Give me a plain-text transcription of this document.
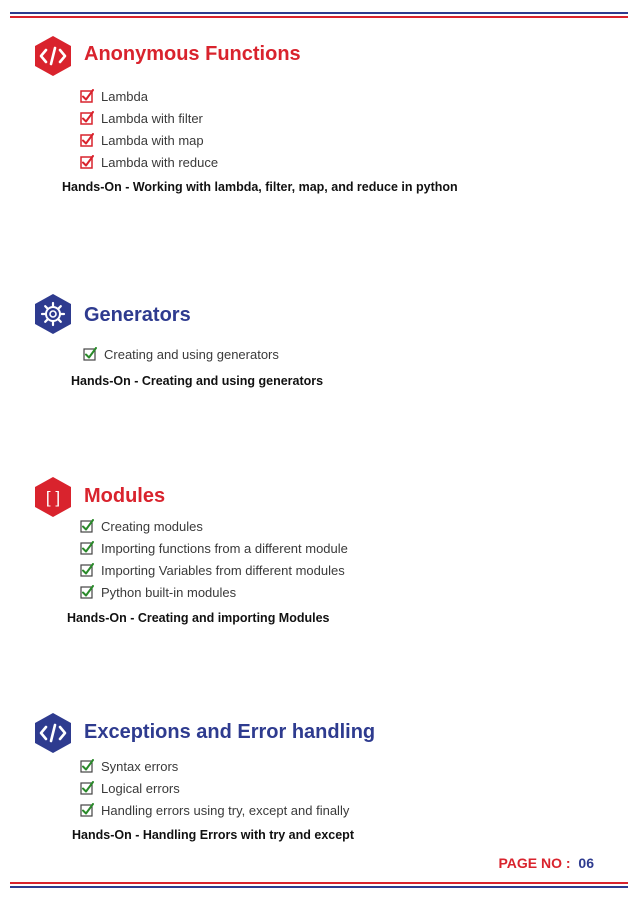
Anonymous Functions
Lambda
Lambda with filter
Lambda with map
Lambda with reduce
Hands-On - Working with lambda, filter, map, and reduce in python
Generators
Creating and using generators
Hands-On - Creating and using generators
[ ] Modules
Creating modules
Importing functions from a different module
Importing Variables from different modules
Python built-in modules
Hands-On - Creating and importing Modules
Exceptions and Error handling
Syntax errors
Logical errors
Handling errors using try, except and finally
Hands-On - Handling Errors with try and except
PAGE NO : 06
